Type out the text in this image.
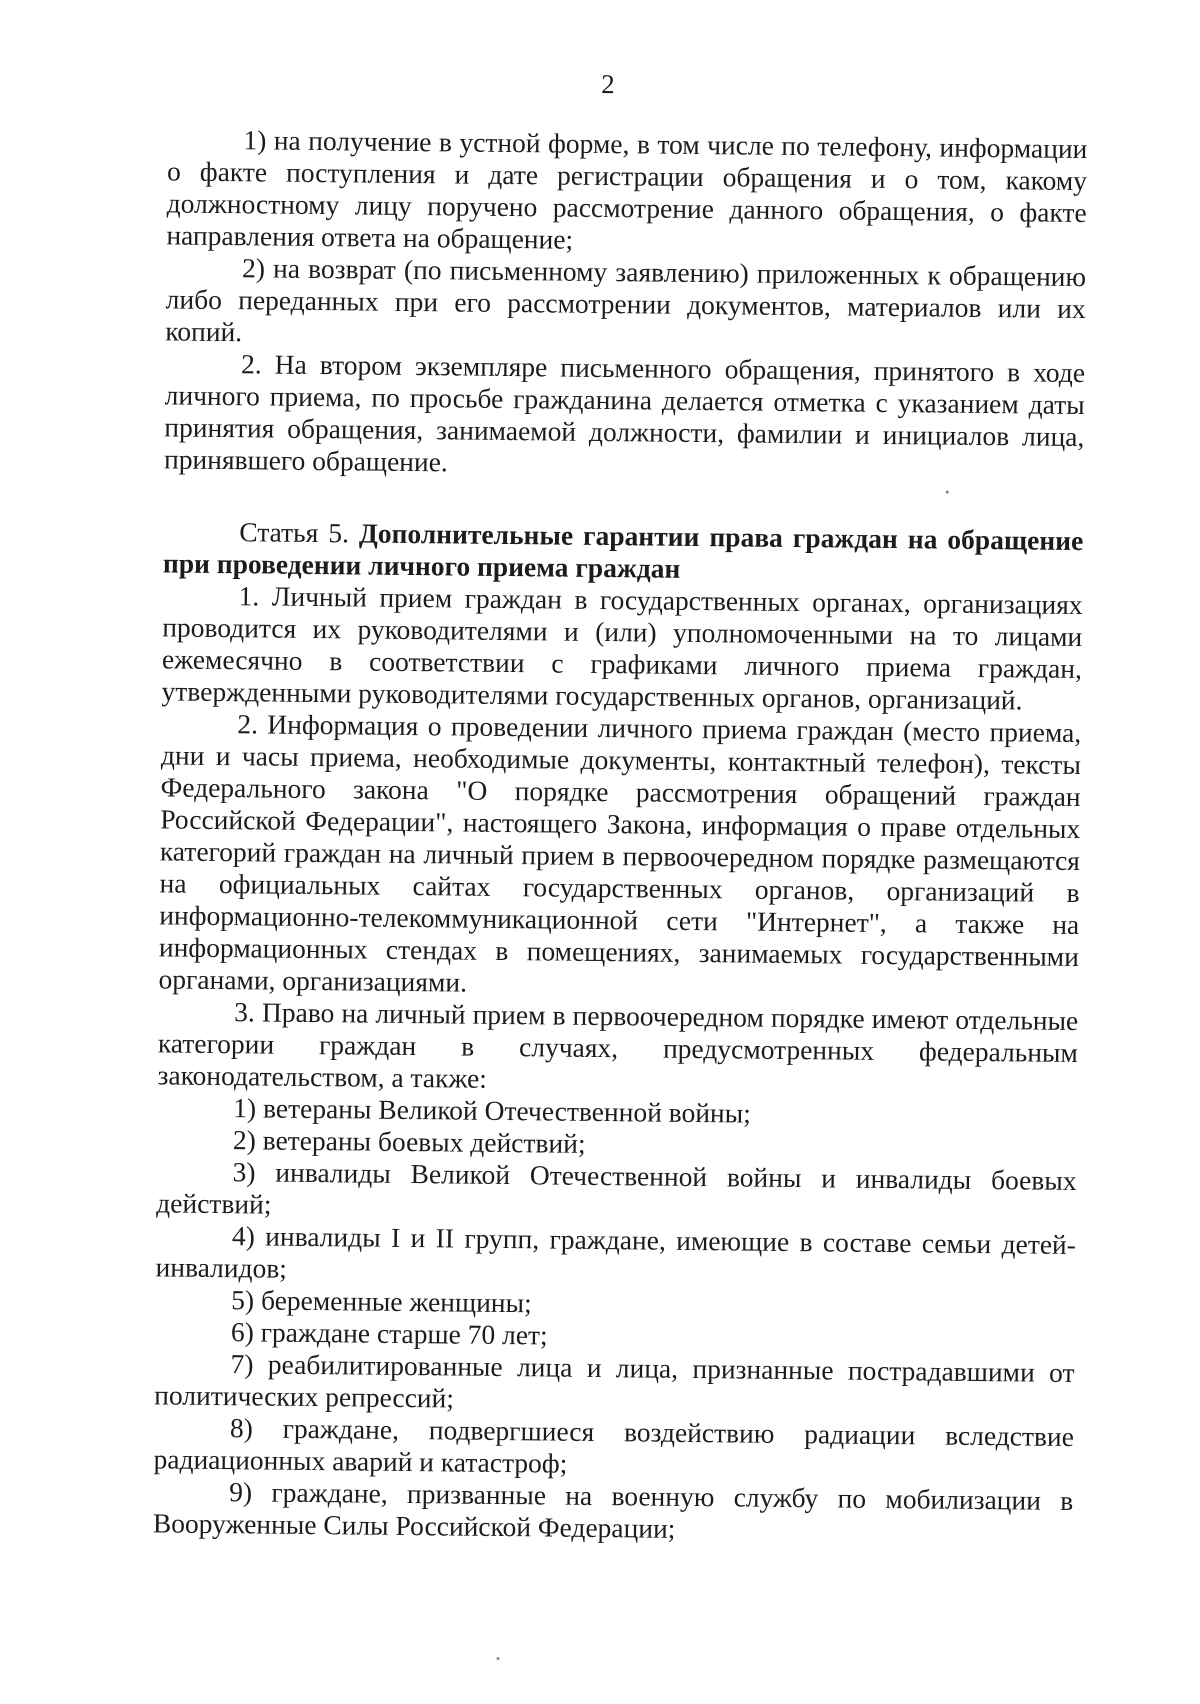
2

1) на получение в устной форме, в том числе по телефону, информации о факте поступления и дате регистрации обращения и о том, какому должностному лицу поручено рассмотрение данного обращения, о факте направления ответа на обращение;

2) на возврат (по письменному заявлению) приложенных к обращению либо переданных при его рассмотрении документов, материалов или их копий.

2. На втором экземпляре письменного обращения, принятого в ходе личного приема, по просьбе гражданина делается отметка с указанием даты принятия обращения, занимаемой должности, фамилии и инициалов лица, принявшего обращение.

Статья 5. Дополнительные гарантии права граждан на обращение при проведении личного приема граждан

1. Личный прием граждан в государственных органах, организациях проводится их руководителями и (или) уполномоченными на то лицами ежемесячно в соответствии с графиками личного приема граждан, утвержденными руководителями государственных органов, организаций.

2. Информация о проведении личного приема граждан (место приема, дни и часы приема, необходимые документы, контактный телефон), тексты Федерального закона "О порядке рассмотрения обращений граждан Российской Федерации", настоящего Закона, информация о праве отдельных категорий граждан на личный прием в первоочередном порядке размещаются на официальных сайтах государственных органов, организаций в информационно-телекоммуникационной сети "Интернет", а также на информационных стендах в помещениях, занимаемых государственными органами, организациями.

3. Право на личный прием в первоочередном порядке имеют отдельные категории граждан в случаях, предусмотренных федеральным законодательством, а также:

1) ветераны Великой Отечественной войны;

2) ветераны боевых действий;

3) инвалиды Великой Отечественной войны и инвалиды боевых действий;

4) инвалиды I и II групп, граждане, имеющие в составе семьи детей-инвалидов;

5) беременные женщины;

6) граждане старше 70 лет;

7) реабилитированные лица и лица, признанные пострадавшими от политических репрессий;

8) граждане, подвергшиеся воздействию радиации вследствие радиационных аварий и катастроф;

9) граждане, призванные на военную службу по мобилизации в Вооруженные Силы Российской Федерации;
